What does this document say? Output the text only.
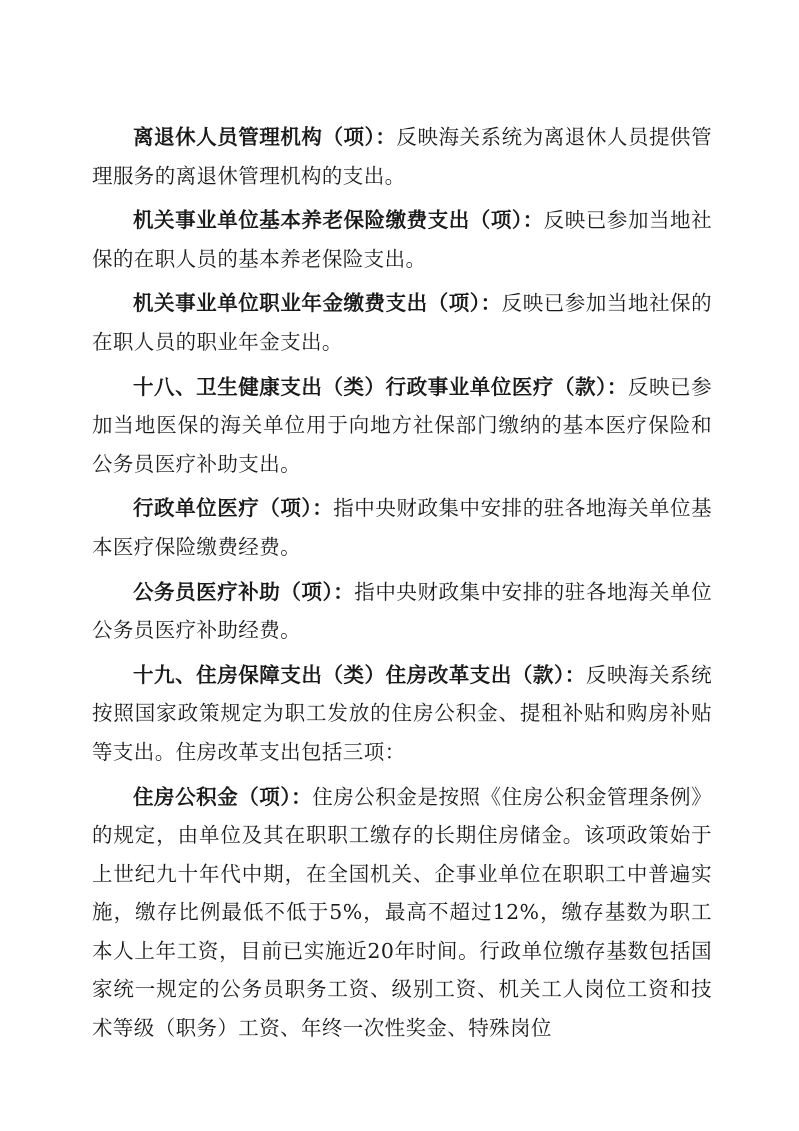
离退休人员管理机构（项）：反映海关系统为离退休人员提供管理服务的离退休管理机构的支出。

机关事业单位基本养老保险缴费支出（项）：反映已参加当地社保的在职人员的基本养老保险支出。

机关事业单位职业年金缴费支出（项）：反映已参加当地社保的在职人员的职业年金支出。

十八、卫生健康支出（类）行政事业单位医疗（款）：反映已参加当地医保的海关单位用于向地方社保部门缴纳的基本医疗保险和公务员医疗补助支出。

行政单位医疗（项）：指中央财政集中安排的驻各地海关单位基本医疗保险缴费经费。

公务员医疗补助（项）：指中央财政集中安排的驻各地海关单位公务员医疗补助经费。

十九、住房保障支出（类）住房改革支出（款）：反映海关系统按照国家政策规定为职工发放的住房公积金、提租补贴和购房补贴等支出。住房改革支出包括三项：

住房公积金（项）：住房公积金是按照《住房公积金管理条例》的规定，由单位及其在职职工缴存的长期住房储金。该项政策始于上世纪九十年代中期，在全国机关、企事业单位在职职工中普遍实施，缴存比例最低不低于5%，最高不超过12%，缴存基数为职工本人上年工资，目前已实施近20年时间。行政单位缴存基数包括国家统一规定的公务员职务工资、级别工资、机关工人岗位工资和技术等级（职务）工资、年终一次性奖金、特殊岗位
